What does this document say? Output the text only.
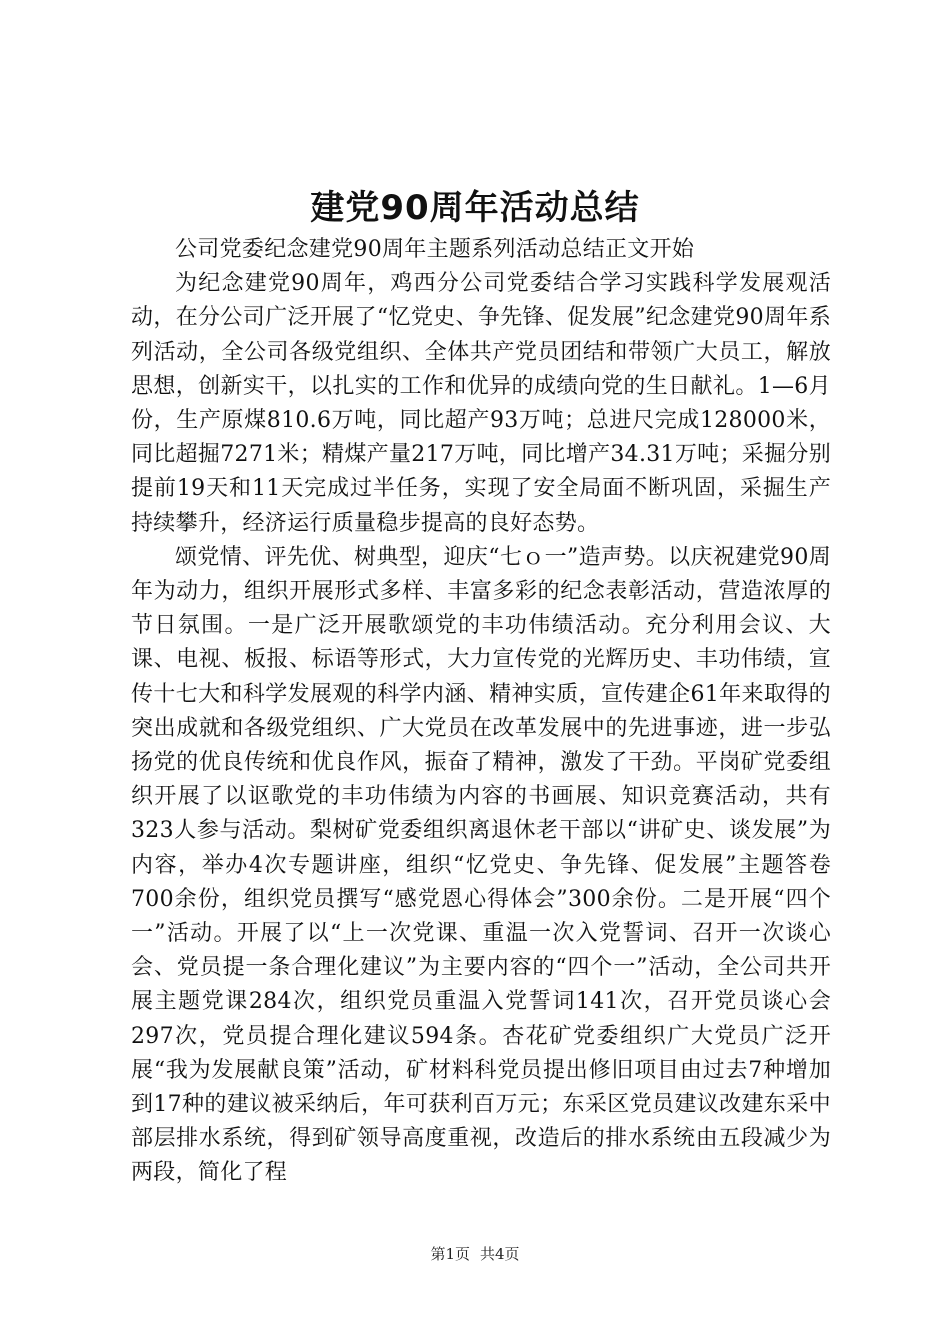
建党90周年活动总结

公司党委纪念建党90周年主题系列活动总结正文开始

为纪念建党90周年，鸡西分公司党委结合学习实践科学发展观活动，在分公司广泛开展了“忆党史、争先锋、促发展”纪念建党90周年系列活动，全公司各级党组织、全体共产党员团结和带领广大员工，解放思想，创新实干，以扎实的工作和优异的成绩向党的生日献礼。1—6月份，生产原煤810.6万吨，同比超产93万吨；总进尺完成128000米，同比超掘7271米；精煤产量217万吨，同比增产34.31万吨；采掘分别提前19天和11天完成过半任务，实现了安全局面不断巩固，采掘生产持续攀升，经济运行质量稳步提高的良好态势。

颂党情、评先优、树典型，迎庆“七ｏ一”造声势。以庆祝建党90周年为动力，组织开展形式多样、丰富多彩的纪念表彰活动，营造浓厚的节日氛围。一是广泛开展歌颂党的丰功伟绩活动。充分利用会议、大课、电视、板报、标语等形式，大力宣传党的光辉历史、丰功伟绩，宣传十七大和科学发展观的科学内涵、精神实质，宣传建企61年来取得的突出成就和各级党组织、广大党员在改革发展中的先进事迹，进一步弘扬党的优良传统和优良作风，振奋了精神，激发了干劲。平岗矿党委组织开展了以讴歌党的丰功伟绩为内容的书画展、知识竞赛活动，共有323人参与活动。梨树矿党委组织离退休老干部以“讲矿史、谈发展”为内容，举办4次专题讲座，组织“忆党史、争先锋、促发展”主题答卷700余份，组织党员撰写“感党恩心得体会”300余份。二是开展“四个一”活动。开展了以“上一次党课、重温一次入党誓词、召开一次谈心会、党员提一条合理化建议”为主要内容的“四个一”活动，全公司共开展主题党课284次，组织党员重温入党誓词141次，召开党员谈心会297次，党员提合理化建议594条。杏花矿党委组织广大党员广泛开展“我为发展献良策”活动，矿材料科党员提出修旧项目由过去7种增加到17种的建议被采纳后，年可获利百万元；东采区党员建议改建东采中部层排水系统，得到矿领导高度重视，改造后的排水系统由五段减少为两段，简化了程

第1页 共4页
